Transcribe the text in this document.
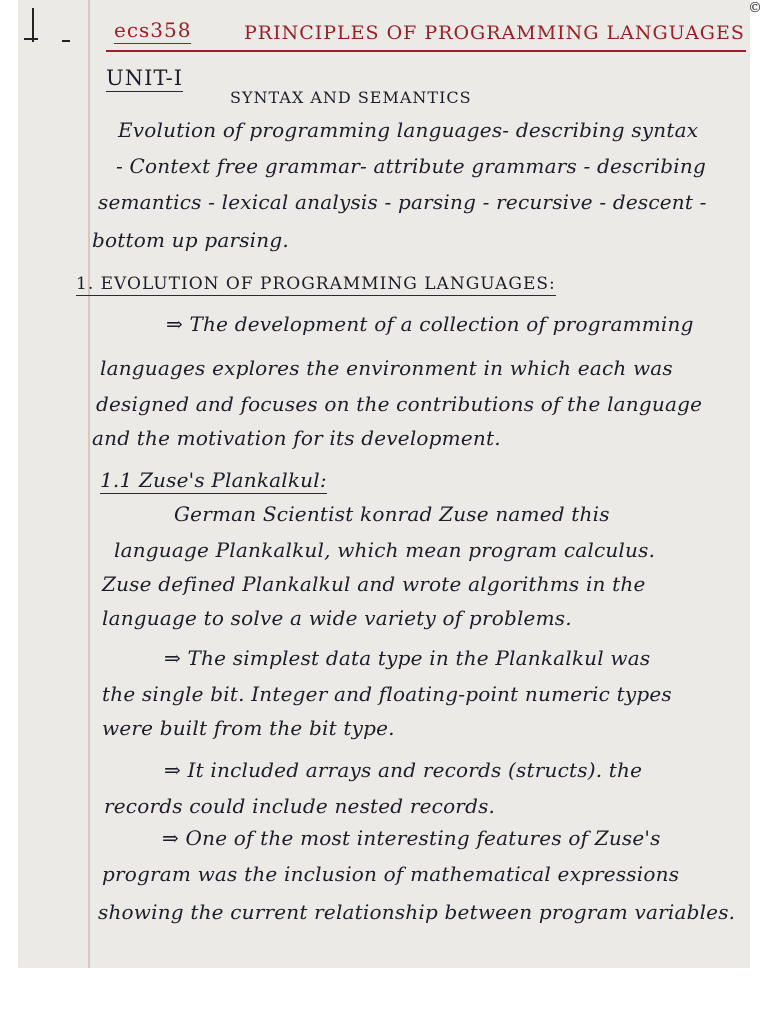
ecs358	PRINCIPLES OF PROGRAMMING LANGUAGES
UNIT-I
SYNTAX AND SEMANTICS
Evolution of programming languages- describing syntax
- Context free grammar- attribute grammars - describing
semantics - lexical analysis - parsing - recursive - descent -
bottom up parsing.
1. EVOLUTION OF PROGRAMMING LANGUAGES:
⇒ The development of a collection of programming
languages explores the environment in which each was
designed and focuses on the contributions of the language
and the motivation for its development.
1.1 Zuse's Plankalkul:
German Scientist konrad Zuse named this
language Plankalkul, which mean program calculus.
Zuse defined Plankalkul and wrote algorithms in the
language to solve a wide variety of problems.
⇒ The simplest data type in the Plankalkul was
the single bit. Integer and floating-point numeric types
were built from the bit type.
⇒ It included arrays and records (structs). the
records could include nested records.
⇒ One of the most interesting features of Zuse's
program was the inclusion of mathematical expressions
showing the current relationship between program variables.
©
